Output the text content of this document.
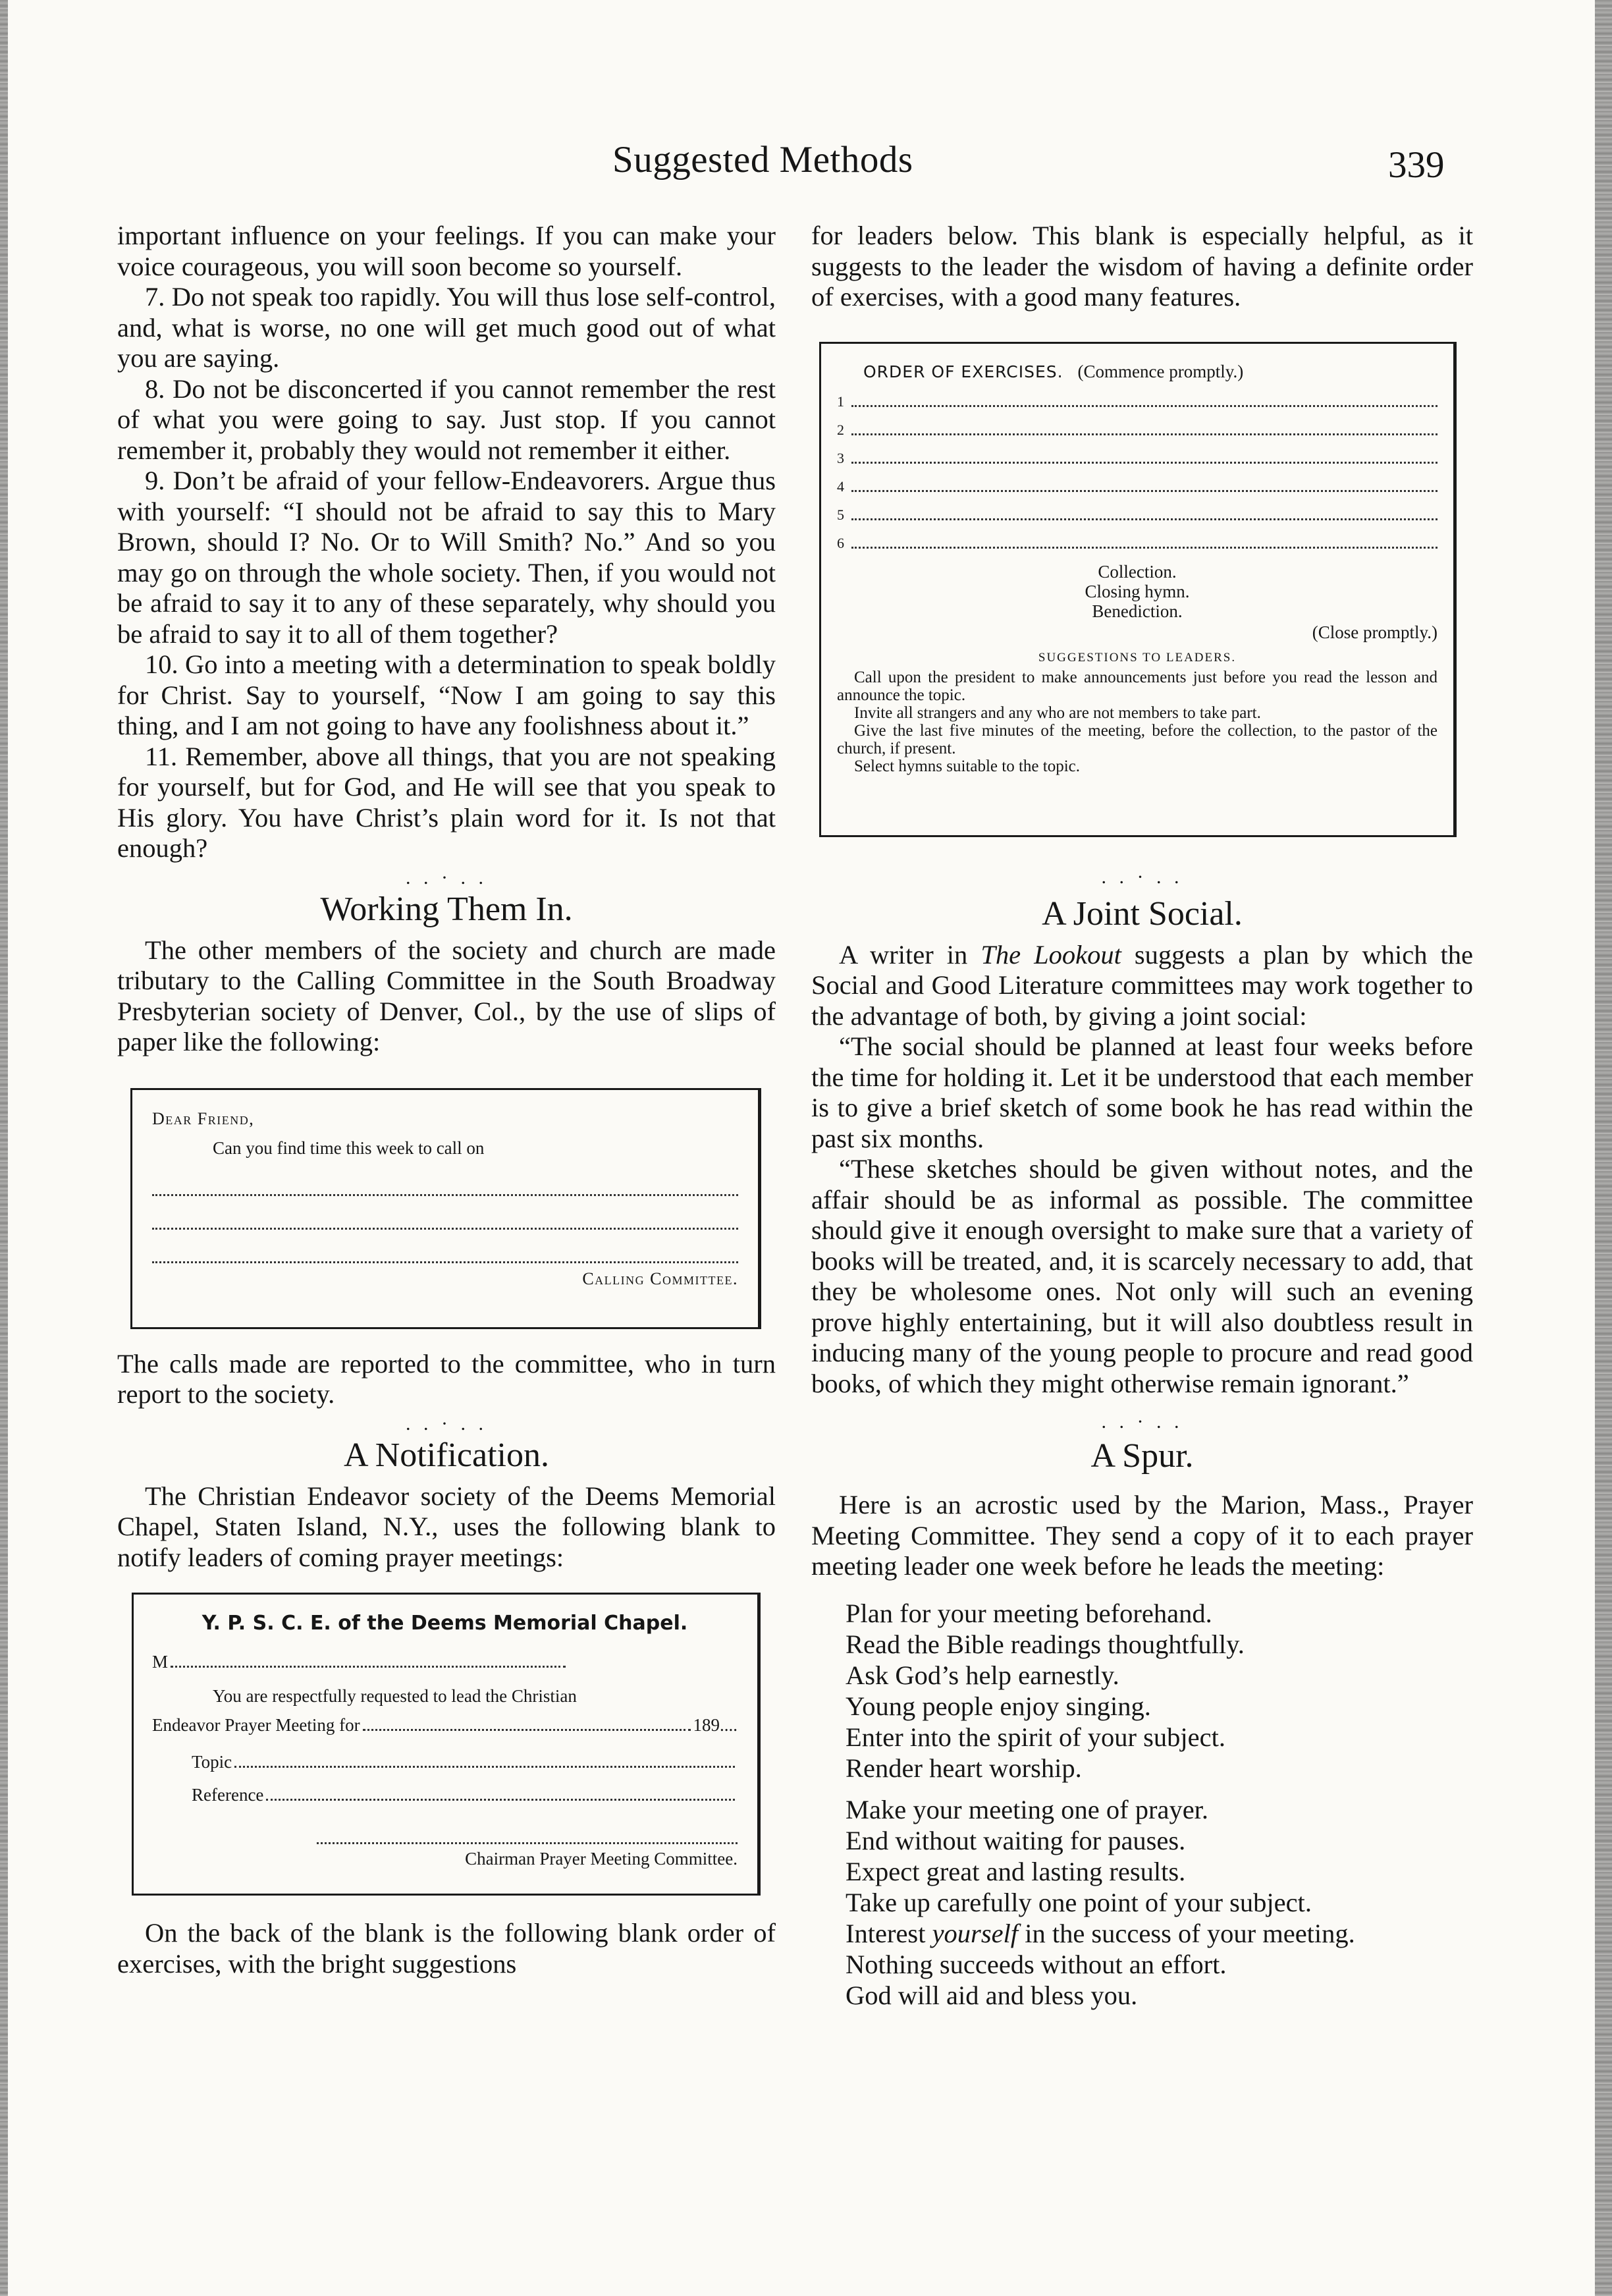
Suggested Methods	339

important influence on your feelings. If you can make your voice courageous, you will soon become so yourself.

7. Do not speak too rapidly. You will thus lose self-control, and, what is worse, no one will get much good out of what you are saying.

8. Do not be disconcerted if you cannot remember the rest of what you were going to say. Just stop. If you cannot remember it, probably they would not remember it either.

9. Don’t be afraid of your fellow-Endeavorers. Argue thus with yourself: “I should not be afraid to say this to Mary Brown, should I? No. Or to Will Smith? No.” And so you may go on through the whole society. Then, if you would not be afraid to say it to any of these separately, why should you be afraid to say it to all of them together?

10. Go into a meeting with a determination to speak boldly for Christ. Say to yourself, “Now I am going to say this thing, and I am not going to have any foolishness about it.”

11. Remember, above all things, that you are not speaking for yourself, but for God, and He will see that you speak to His glory. You have Christ’s plain word for it. Is not that enough?

. . · . .
Working Them In.

The other members of the society and church are made tributary to the Calling Committee in the South Broadway Presbyterian society of Denver, Col., by the use of slips of paper like the following:

Dear Friend,
Can you find time this week to call on
Calling Committee.

The calls made are reported to the committee, who in turn report to the society.

. . · . .
A Notification.

The Christian Endeavor society of the Deems Memorial Chapel, Staten Island, N.Y., uses the following blank to notify leaders of coming prayer meetings:

Y. P. S. C. E. of the Deems Memorial Chapel.
M
You are respectfully requested to lead the Christian
Endeavor Prayer Meeting for	189....
Topic
Reference
Chairman Prayer Meeting Committee.

On the back of the blank is the following blank order of exercises, with the bright suggestions

for leaders below. This blank is especially helpful, as it suggests to the leader the wisdom of having a definite order of exercises, with a good many features.

ORDER OF EXERCISES. (Commence promptly.)
1
2
3
4
5
6
Collection.
Closing hymn.
Benediction.
(Close promptly.)
SUGGESTIONS TO LEADERS.
Call upon the president to make announcements just before you read the lesson and announce the topic.
Invite all strangers and any who are not members to take part.
Give the last five minutes of the meeting, before the collection, to the pastor of the church, if present.
Select hymns suitable to the topic.
. . · . .
A Joint Social.

A writer in The Lookout suggests a plan by which the Social and Good Literature committees may work together to the advantage of both, by giving a joint social:

“The social should be planned at least four weeks before the time for holding it. Let it be understood that each member is to give a brief sketch of some book he has read within the past six months.

“These sketches should be given without notes, and the affair should be as informal as possible. The committee should give it enough oversight to make sure that a variety of books will be treated, and, it is scarcely necessary to add, that they be wholesome ones. Not only will such an evening prove highly entertaining, but it will also doubtless result in inducing many of the young people to procure and read good books, of which they might otherwise remain ignorant.”

. . · . .
A Spur.

Here is an acrostic used by the Marion, Mass., Prayer Meeting Committee. They send a copy of it to each prayer meeting leader one week before he leads the meeting:

Plan for your meeting beforehand.
Read the Bible readings thoughtfully.
Ask God’s help earnestly.
Young people enjoy singing.
Enter into the spirit of your subject.
Render heart worship.
Make your meeting one of prayer.
End without waiting for pauses.
Expect great and lasting results.
Take up carefully one point of your subject.
Interest yourself in the success of your meeting.
Nothing succeeds without an effort.
God will aid and bless you.
